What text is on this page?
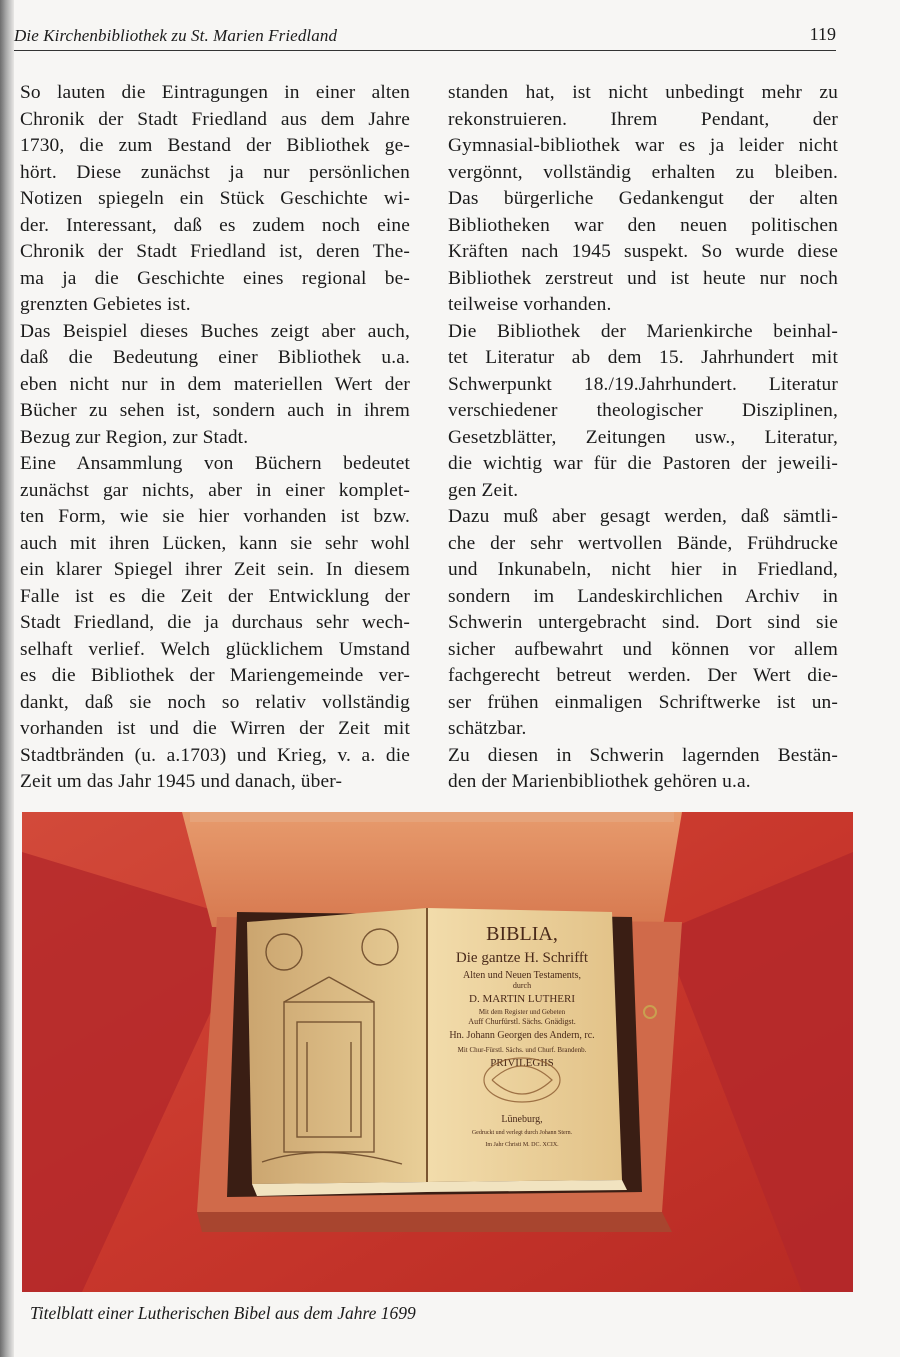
Die Kirchenbibliothek zu St. Marien Friedland	119
So lauten die Eintragungen in einer alten
Chronik der Stadt Friedland aus dem Jahre
1730, die zum Bestand der Bibliothek ge-
hört. Diese zunächst ja nur persönlichen
Notizen spiegeln ein Stück Geschichte wi-
der. Interessant, daß es zudem noch eine
Chronik der Stadt Friedland ist, deren The-
ma ja die Geschichte eines regional be-
grenzten Gebietes ist.
Das Beispiel dieses Buches zeigt aber auch,
daß die Bedeutung einer Bibliothek u.a.
eben nicht nur in dem materiellen Wert der
Bücher zu sehen ist, sondern auch in ihrem
Bezug zur Region, zur Stadt.
Eine Ansammlung von Büchern bedeutet
zunächst gar nichts, aber in einer komplet-
ten Form, wie sie hier vorhanden ist bzw.
auch mit ihren Lücken, kann sie sehr wohl
ein klarer Spiegel ihrer Zeit sein. In diesem
Falle ist es die Zeit der Entwicklung der
Stadt Friedland, die ja durchaus sehr wech-
selhaft verlief. Welch glücklichem Umstand
es die Bibliothek der Mariengemeinde ver-
dankt, daß sie noch so relativ vollständig
vorhanden ist und die Wirren der Zeit mit
Stadtbränden (u. a.1703) und Krieg, v. a. die
Zeit um das Jahr 1945 und danach, über-
standen hat, ist nicht unbedingt mehr zu
rekonstruieren. Ihrem Pendant, der
Gymnasial-bibliothek war es ja leider nicht
vergönnt, vollständig erhalten zu bleiben.
Das bürgerliche Gedankengut der alten
Bibliotheken war den neuen politischen
Kräften nach 1945 suspekt. So wurde diese
Bibliothek zerstreut und ist heute nur noch
teilweise vorhanden.
Die Bibliothek der Marienkirche beinhal-
tet Literatur ab dem 15. Jahrhundert mit
Schwerpunkt 18./19.Jahrhundert. Literatur
verschiedener theologischer Disziplinen,
Gesetzblätter, Zeitungen usw., Literatur,
die wichtig war für die Pastoren der jeweili-
gen Zeit.
Dazu muß aber gesagt werden, daß sämtli-
che der sehr wertvollen Bände, Frühdrucke
und Inkunabeln, nicht hier in Friedland,
sondern im Landeskirchlichen Archiv in
Schwerin untergebracht sind. Dort sind sie
sicher aufbewahrt und können vor allem
fachgerecht betreut werden. Der Wert die-
ser frühen einmaligen Schriftwerke ist un-
schätzbar.
Zu diesen in Schwerin lagernden Bestän-
den der Marienbibliothek gehören u.a.
BIBLIA,
Die gantze H. Schrifft
Alten und Neuen Testaments,
durch
D. MARTIN LUTHERI
Mit dem Register und Gebeten
Auff Churfürstl. Sächs. Gnädigst.
Hn. Johann Georgen des Andern, rc.
Mit Chur-Fürstl. Sächs. und Churf. Brandenb.
PRIVILEGIIS
Lüneburg,
Gedruckt und verlegt durch Johann Stern.
Im Jahr Christi M. DC. XCIX.
Titelblatt einer Lutherischen Bibel aus dem Jahre 1699
